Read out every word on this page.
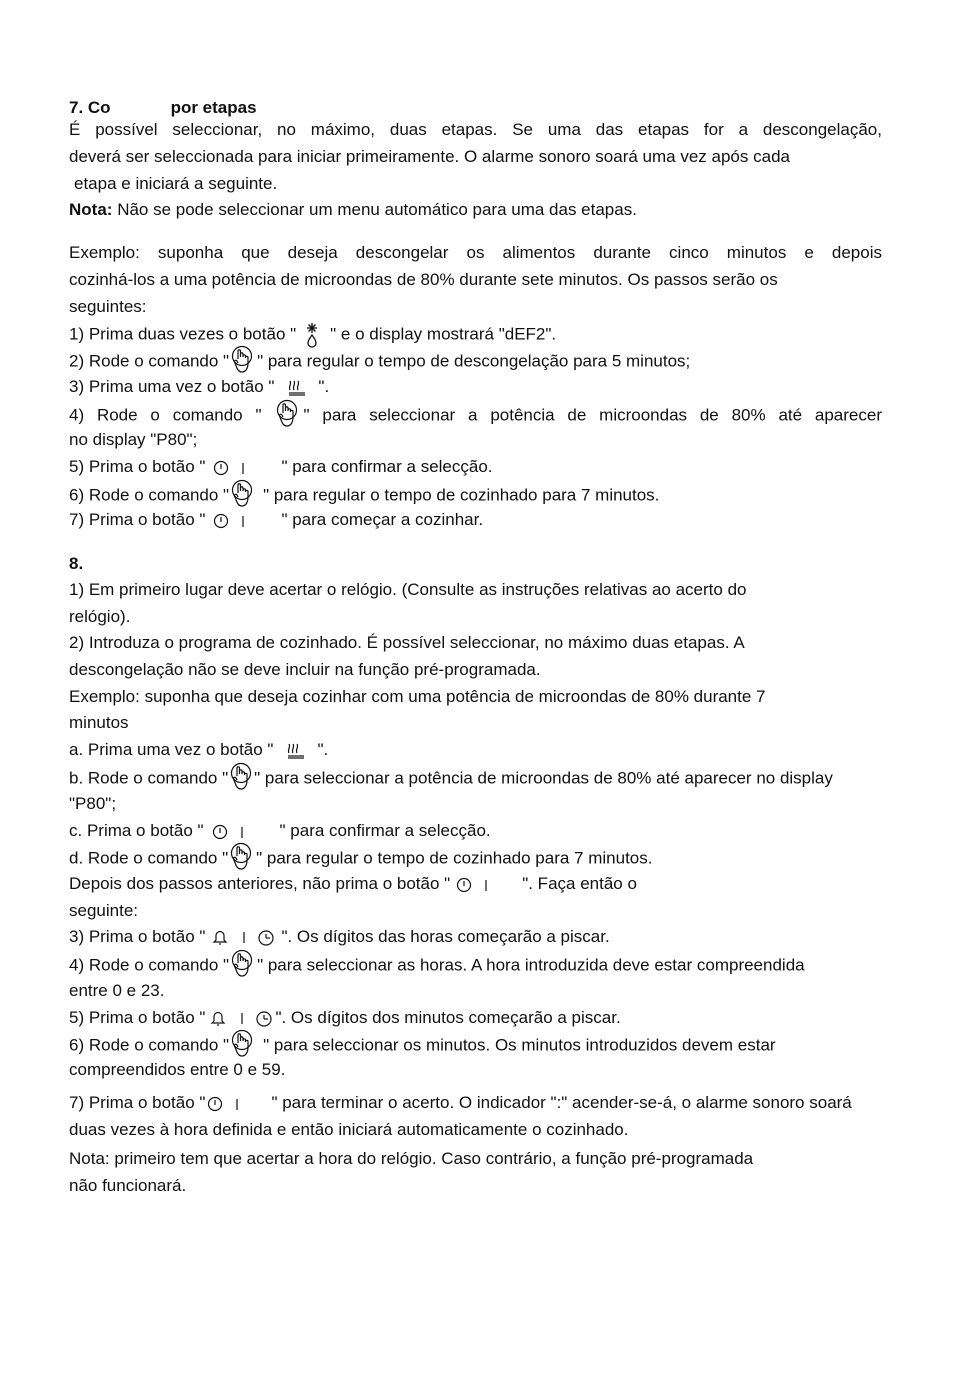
7. Co	por etapas
É possível seleccionar, no máximo, duas etapas. Se uma das etapas for a descongelação,
deverá ser seleccionada para iniciar primeiramente. O alarme sonoro soará uma vez após cada
etapa e iniciará a seguinte.
Nota: Não se pode seleccionar um menu automático para uma das etapas.
Exemplo: suponha que deseja descongelar os alimentos durante cinco minutos e depois
cozinhá-los a uma potência de microondas de 80% durante sete minutos. Os passos serão os
seguintes:
1) Prima duas vezes o botão " " e o display mostrará "dEF2".
2) Rode o comando " " para regular o tempo de descongelação para 5 minutos;
3) Prima uma vez o botão "	".
4) Rode o comando " " para seleccionar a potência de microondas de 80% até aparecer
no display "P80";
5) Prima o botão "	" para confirmar a selecção.
6) Rode o comando " " para regular o tempo de cozinhado para 7 minutos.
7) Prima o botão "	" para começar a cozinhar.
8.
1) Em primeiro lugar deve acertar o relógio. (Consulte as instruções relativas ao acerto do
relógio).
2) Introduza o programa de cozinhado. É possível seleccionar, no máximo duas etapas. A
descongelação não se deve incluir na função pré-programada.
Exemplo: suponha que deseja cozinhar com uma potência de microondas de 80% durante 7
minutos
a. Prima uma vez o botão "	".
b. Rode o comando " " para seleccionar a potência de microondas de 80% até aparecer no display
"P80";
c. Prima o botão "	" para confirmar a selecção.
d. Rode o comando " " para regular o tempo de cozinhado para 7 minutos.
Depois dos passos anteriores, não prima o botão "	". Faça então o
seguinte:
3) Prima o botão "	". Os dígitos das horas começarão a piscar.
4) Rode o comando " " para seleccionar as horas. A hora introduzida deve estar compreendida
entre 0 e 23.
5) Prima o botão "	". Os dígitos dos minutos começarão a piscar.
6) Rode o comando " " para seleccionar os minutos. Os minutos introduzidos devem estar
compreendidos entre 0 e 59.
7) Prima o botão "	" para terminar o acerto. O indicador ":" acender-se-á, o alarme sonoro soará
duas vezes à hora definida e então iniciará automaticamente o cozinhado.
Nota: primeiro tem que acertar a hora do relógio. Caso contrário, a função pré-programada
não funcionará.
